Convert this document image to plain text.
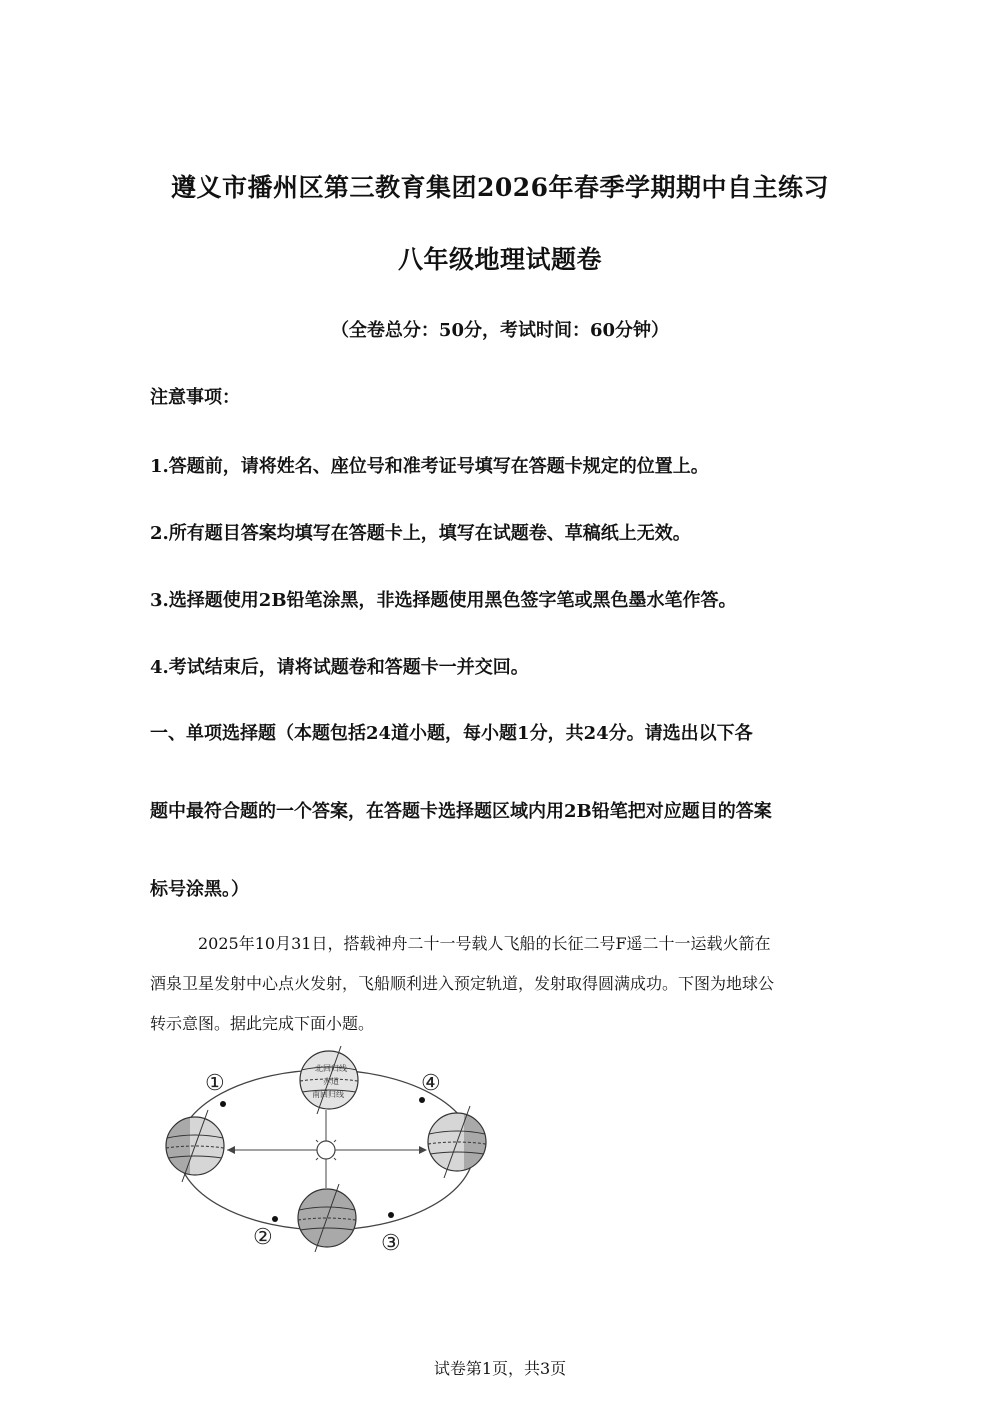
遵义市播州区第三教育集团2026年春季学期期中自主练习
八年级地理试题卷
（全卷总分：50分，考试时间：60分钟）
注意事项：
1.答题前，请将姓名、座位号和准考证号填写在答题卡规定的位置上。
2.所有题目答案均填写在答题卡上，填写在试题卷、草稿纸上无效。
3.选择题使用2B铅笔涂黑，非选择题使用黑色签字笔或黑色墨水笔作答。
4.考试结束后，请将试题卷和答题卡一并交回。
一、单项选择题（本题包括24道小题，每小题1分，共24分。请选出以下各
题中最符合题的一个答案，在答题卡选择题区域内用2B铅笔把对应题目的答案
标号涂黑。）
2025年10月31日，搭载神舟二十一号载人飞船的长征二号F遥二十一运载火箭在
酒泉卫星发射中心点火发射，飞船顺利进入预定轨道，发射取得圆满成功。下图为地球公
转示意图。据此完成下面小题。
北回归线
赤道
南回归线
①
②	③
④
试卷第1页，共3页
